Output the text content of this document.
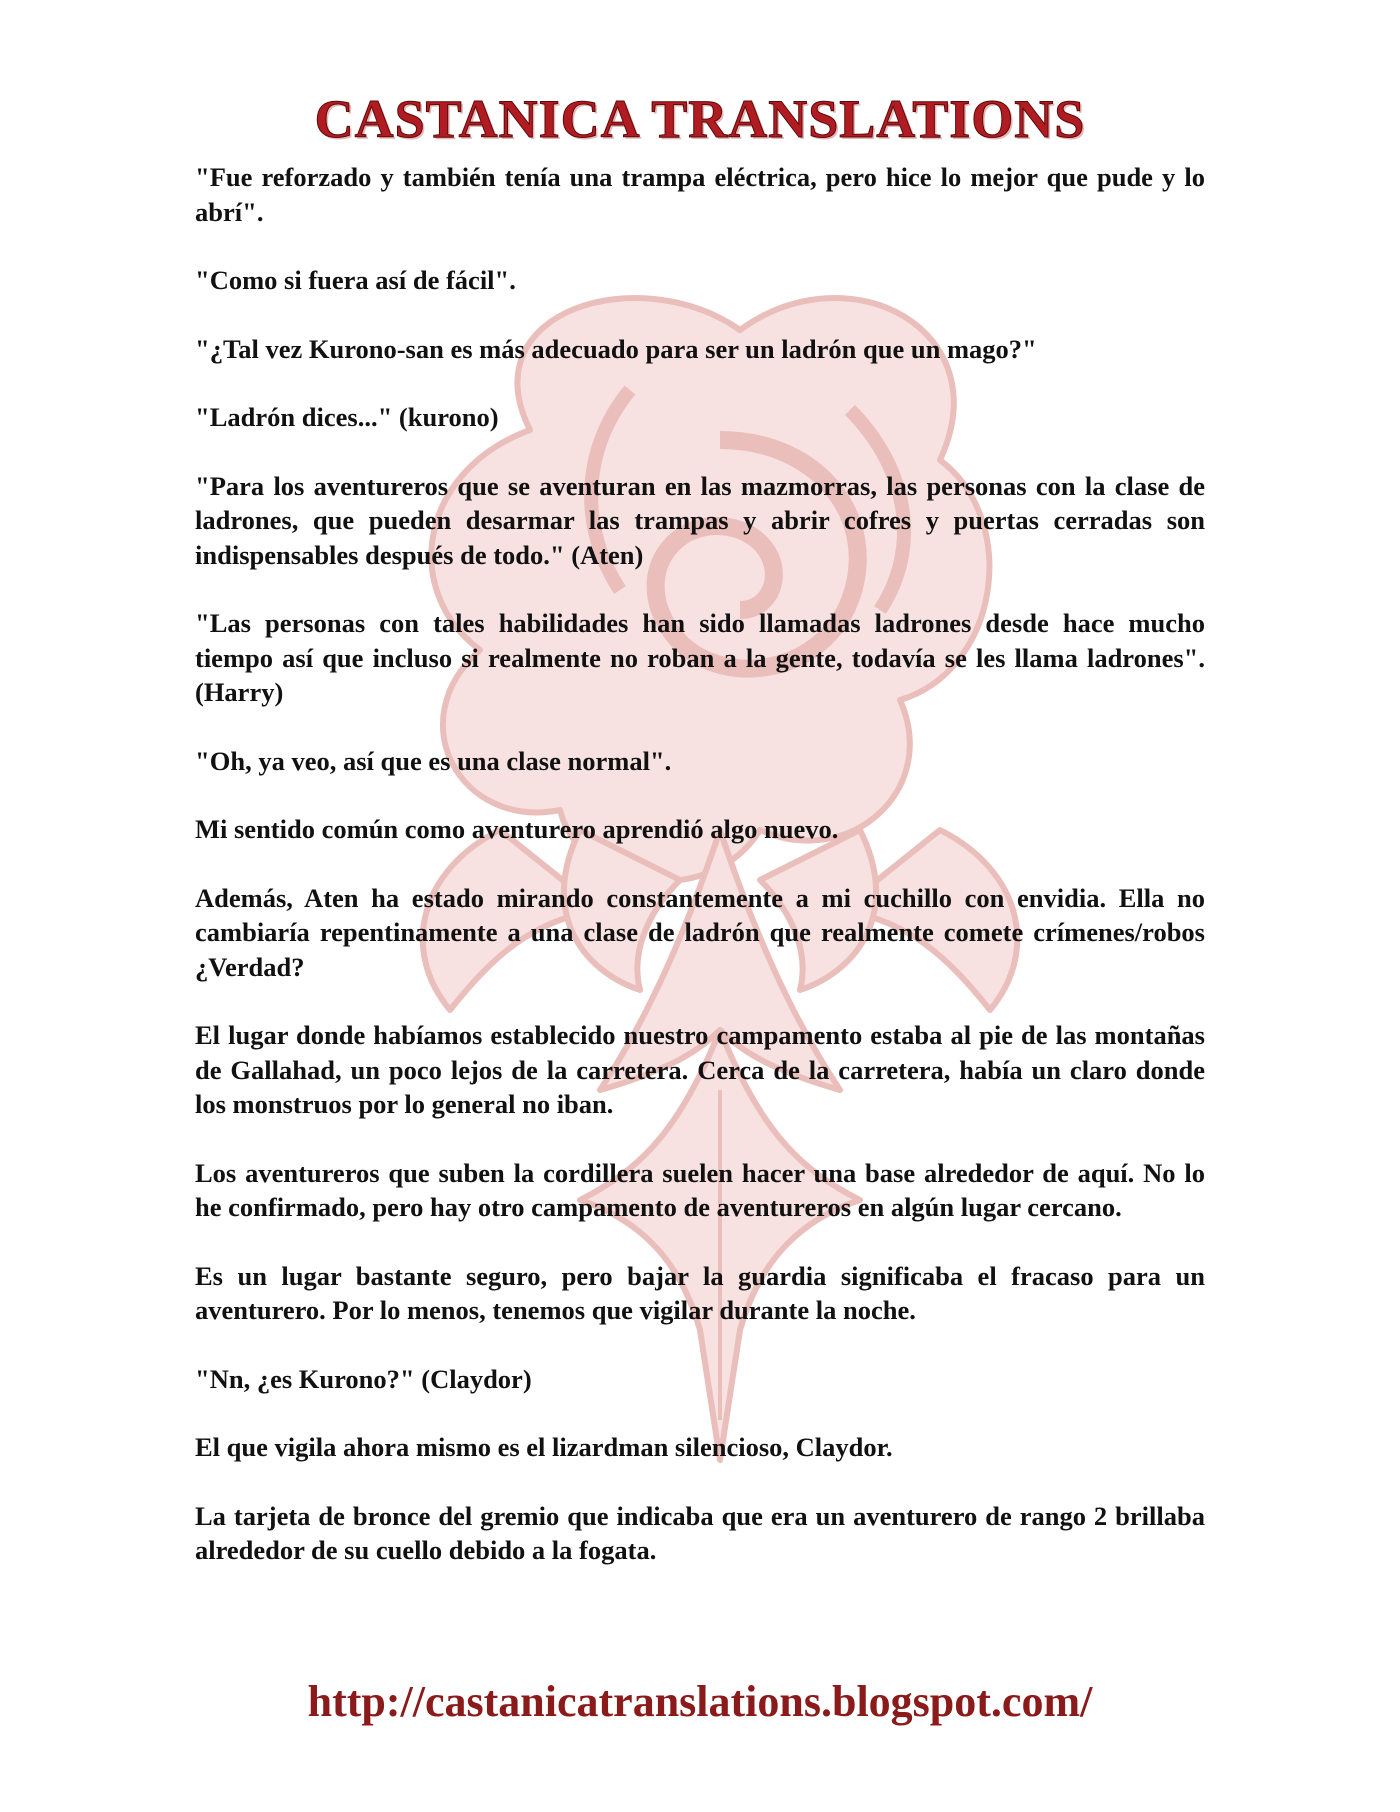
CASTANICA TRANSLATIONS

"Fue reforzado y también tenía una trampa eléctrica, pero hice lo mejor que pude y lo abrí".

"Como si fuera así de fácil".

"¿Tal vez Kurono-san es más adecuado para ser un ladrón que un mago?"

"Ladrón dices..." (kurono)

"Para los aventureros que se aventuran en las mazmorras, las personas con la clase de ladrones, que pueden desarmar las trampas y abrir cofres y puertas cerradas son indispensables después de todo." (Aten)

"Las personas con tales habilidades han sido llamadas ladrones desde hace mucho tiempo así que incluso si realmente no roban a la gente, todavía se les llama ladrones". (Harry)

"Oh, ya veo, así que es una clase normal".

Mi sentido común como aventurero aprendió algo nuevo.

Además, Aten ha estado mirando constantemente a mi cuchillo con envidia. Ella no cambiaría repentinamente a una clase de ladrón que realmente comete crímenes/robos ¿Verdad?

El lugar donde habíamos establecido nuestro campamento estaba al pie de las montañas de Gallahad, un poco lejos de la carretera. Cerca de la carretera, había un claro donde los monstruos por lo general no iban.

Los aventureros que suben la cordillera suelen hacer una base alrededor de aquí. No lo he confirmado, pero hay otro campamento de aventureros en algún lugar cercano.

Es un lugar bastante seguro, pero bajar la guardia significaba el fracaso para un aventurero. Por lo menos, tenemos que vigilar durante la noche.

"Nn, ¿es Kurono?" (Claydor)

El que vigila ahora mismo es el lizardman silencioso, Claydor.

La tarjeta de bronce del gremio que indicaba que era un aventurero de rango 2 brillaba alrededor de su cuello debido a la fogata.

http://castanicatranslations.blogspot.com/
